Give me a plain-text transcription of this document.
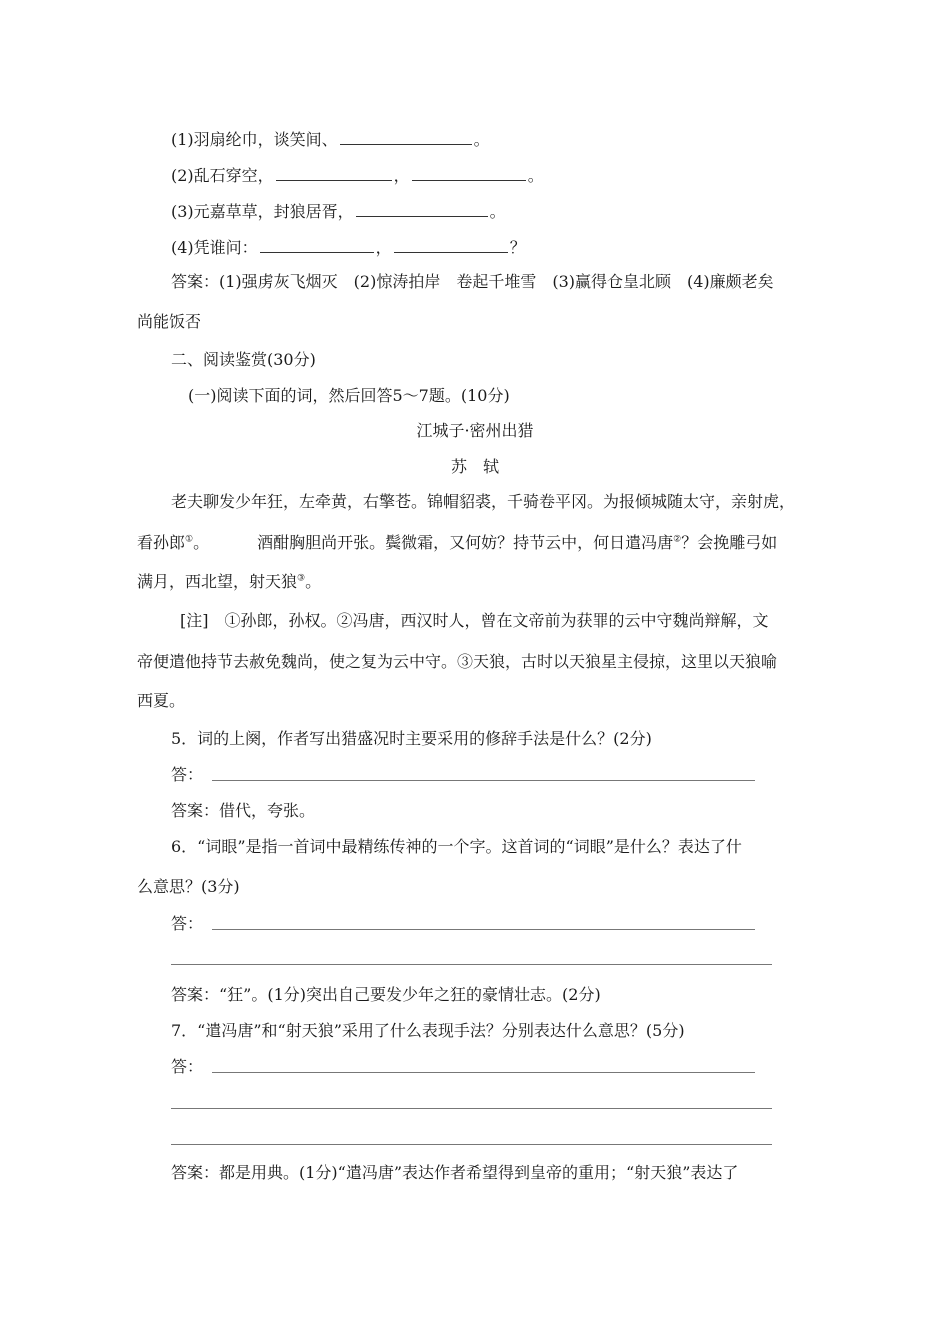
(1)羽扇纶巾，谈笑间、	。
(2)乱石穿空，	，	。
(3)元嘉草草，封狼居胥，	。
(4)凭谁问：	，	？
答案：(1)强虏灰飞烟灭　(2)惊涛拍岸　卷起千堆雪　(3)赢得仓皇北顾　(4)廉颇老矣
尚能饭否
二、阅读鉴赏(30分)
(一)阅读下面的词，然后回答5～7题。(10分)
江城子·密州出猎
苏　轼
老夫聊发少年狂，左牵黄，右擎苍。锦帽貂裘，千骑卷平冈。为报倾城随太守，亲射虎，
看孙郎①。	酒酣胸胆尚开张。鬓微霜，又何妨？持节云中，何日遣冯唐②？会挽雕弓如
满月，西北望，射天狼③。
[注]　①孙郎，孙权。②冯唐，西汉时人，曾在文帝前为获罪的云中守魏尚辩解，文
帝便遣他持节去赦免魏尚，使之复为云中守。③天狼，古时以天狼星主侵掠，这里以天狼喻
西夏。
5．词的上阕，作者写出猎盛况时主要采用的修辞手法是什么？(2分)
答：
答案：借代，夸张。
6．“词眼”是指一首词中最精练传神的一个字。这首词的“词眼”是什么？表达了什
么意思？(3分)
答：
答案：“狂”。(1分)突出自己要发少年之狂的豪情壮志。(2分)
7．“遣冯唐”和“射天狼”采用了什么表现手法？分别表达什么意思？(5分)
答：
答案：都是用典。(1分)“遣冯唐”表达作者希望得到皇帝的重用；“射天狼”表达了
